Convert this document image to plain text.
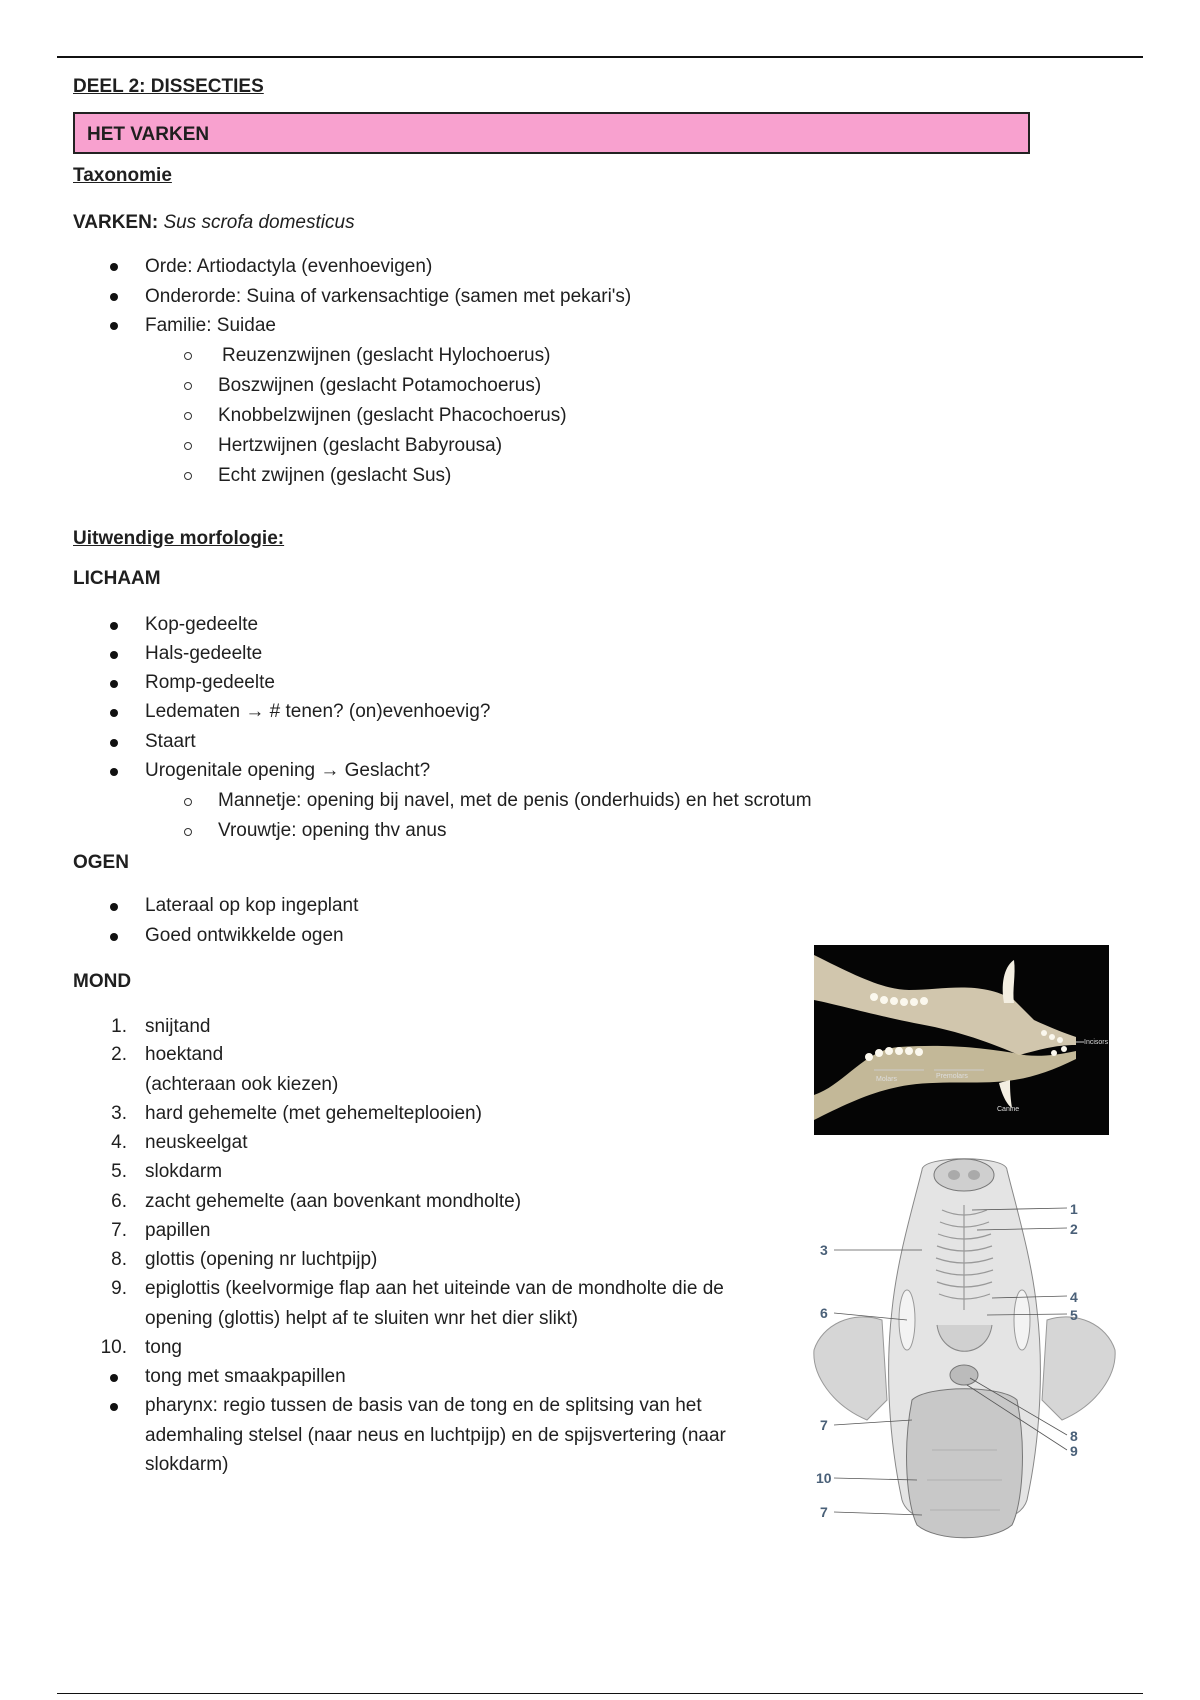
DEEL 2: DISSECTIES
HET VARKEN
Taxonomie
VARKEN: Sus scrofa domesticus
Orde: Artiodactyla (evenhoevigen)
Onderorde: Suina of varkensachtige (samen met pekari's)
Familie: Suidae
Reuzenzwijnen (geslacht Hylochoerus)
Boszwijnen (geslacht Potamochoerus)
Knobbelzwijnen (geslacht Phacochoerus)
Hertzwijnen (geslacht Babyrousa)
Echt zwijnen (geslacht Sus)
Uitwendige morfologie:
LICHAAM
Kop-gedeelte
Hals-gedeelte
Romp-gedeelte
Ledematen → # tenen? (on)evenhoevig?
Staart
Urogenitale opening → Geslacht?
Mannetje: opening bij navel, met de penis (onderhuids) en het scrotum
Vrouwtje: opening thv anus
OGEN
Lateraal op kop ingeplant
Goed ontwikkelde ogen
MOND
1. snijtand
2. hoektand
(achteraan ook kiezen)
3. hard gehemelte (met gehemelteplooien)
4. neuskeelgat
5. slokdarm
6. zacht gehemelte (aan bovenkant mondholte)
7. papillen
8. glottis (opening nr luchtpijp)
9. epiglottis (keelvormige flap aan het uiteinde van de mondholte die de
opening (glottis) helpt af te sluiten wnr het dier slikt)
10. tong
tong met smaakpapillen
pharynx: regio tussen de basis van de tong en de splitsing van het
ademhaling stelsel (naar neus en luchtpijp) en de spijsvertering (naar
slokdarm)
Incisors
Molars	Premolars
Canine
1
2
3
4
5
6
7
8
9
10
7
